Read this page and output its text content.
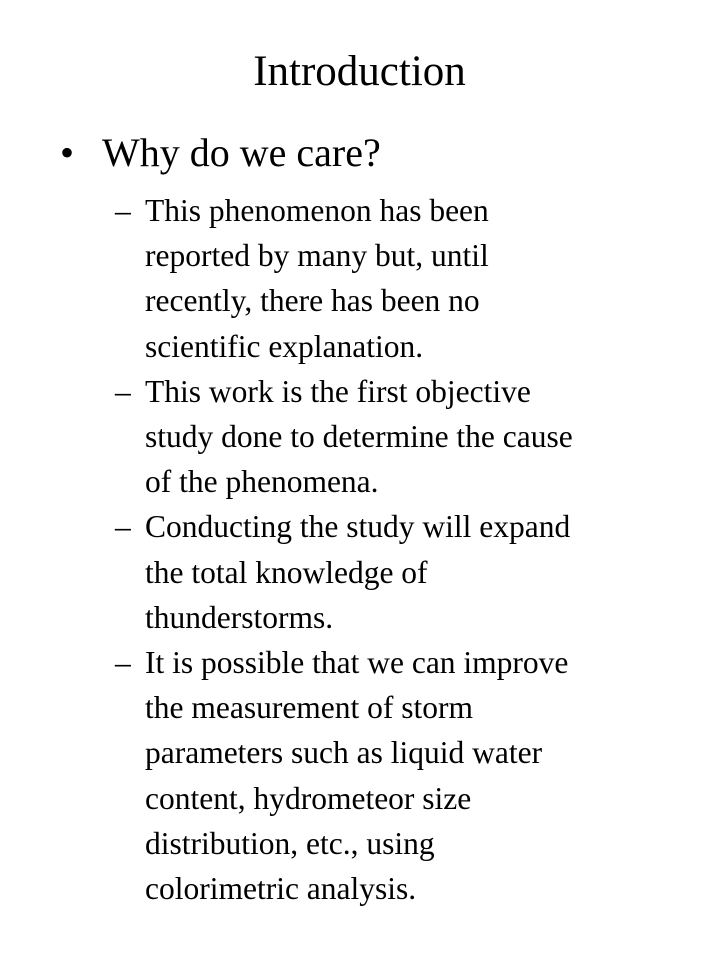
Introduction
• Why do we care?
– This phenomenon has been
reported by many but, until
recently, there has been no
scientific explanation.
– This work is the first objective
study done to determine the cause
of the phenomena.
– Conducting the study will expand
the total knowledge of
thunderstorms.
– It is possible that we can improve
the measurement of storm
parameters such as liquid water
content, hydrometeor size
distribution, etc., using
colorimetric analysis.
